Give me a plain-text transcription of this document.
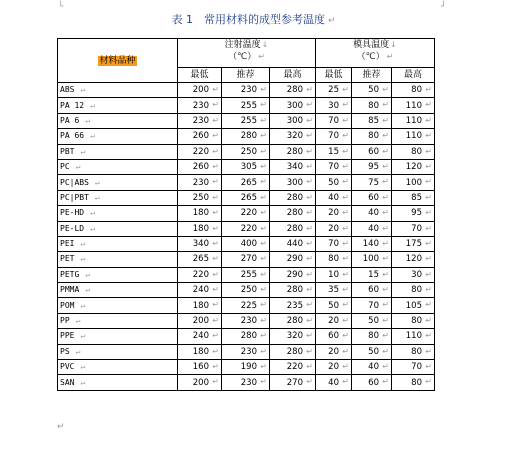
└	┘
表 1　常用材料的成型参考温度 ↵
材料品种	注射温度↓
（℃） ↵			模具温度↓
（℃） ↵		

	最低	推荐	最高	最低	推荐	最高
ABS ↵	200 ↵	230 ↵	280 ↵	25 ↵	50 ↵	80 ↵

PA 12 ↵	230 ↵	255 ↵	300 ↵	30 ↵	80 ↵	110 ↵

PA 6 ↵	230 ↵	255 ↵	300 ↵	70 ↵	85 ↵	110 ↵

PA 66 ↵	260 ↵	280 ↵	320 ↵	70 ↵	80 ↵	110 ↵

PBT ↵	220 ↵	250 ↵	280 ↵	15 ↵	60 ↵	80 ↵

PC ↵	260 ↵	305 ↵	340 ↵	70 ↵	95 ↵	120 ↵

PC|ABS ↵	230 ↵	265 ↵	300 ↵	50 ↵	75 ↵	100 ↵

PC|PBT ↵	250 ↵	265 ↵	280 ↵	40 ↵	60 ↵	85 ↵

PE-HD ↵	180 ↵	220 ↵	280 ↵	20 ↵	40 ↵	95 ↵

PE-LD ↵	180 ↵	220 ↵	280 ↵	20 ↵	40 ↵	70 ↵

PEI ↵	340 ↵	400 ↵	440 ↵	70 ↵	140 ↵	175 ↵

PET ↵	265 ↵	270 ↵	290 ↵	80 ↵	100 ↵	120 ↵

PETG ↵	220 ↵	255 ↵	290 ↵	10 ↵	15 ↵	30 ↵

PMMA ↵	240 ↵	250 ↵	280 ↵	35 ↵	60 ↵	80 ↵

POM ↵	180 ↵	225 ↵	235 ↵	50 ↵	70 ↵	105 ↵

PP ↵	200 ↵	230 ↵	280 ↵	20 ↵	50 ↵	80 ↵

PPE ↵	240 ↵	280 ↵	320 ↵	60 ↵	80 ↵	110 ↵

PS ↵	180 ↵	230 ↵	280 ↵	20 ↵	50 ↵	80 ↵

PVC ↵	160 ↵	190 ↵	220 ↵	20 ↵	40 ↵	70 ↵

SAN ↵	200 ↵	230 ↵	270 ↵	40 ↵	60 ↵	80 ↵
↵
